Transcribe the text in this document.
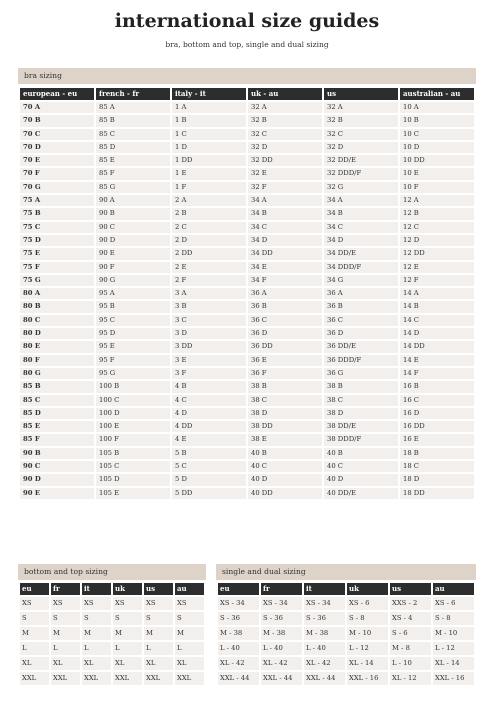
international size guides
bra, bottom and top, single and dual sizing
bra sizing
european - eu	french - fr	italy - it	uk - au	us	australian - au
70 A	85 A	1 A	32 A	32 A	10 A
70 B	85 B	1 B	32 B	32 B	10 B
70 C	85 C	1 C	32 C	32 C	10 C
70 D	85 D	1 D	32 D	32 D	10 D
70 E	85 E	1 DD	32 DD	32 DD/E	10 DD
70 F	85 F	1 E	32 E	32 DDD/F	10 E
70 G	85 G	1 F	32 F	32 G	10 F
75 A	90 A	2 A	34 A	34 A	12 A
75 B	90 B	2 B	34 B	34 B	12 B
75 C	90 C	2 C	34 C	34 C	12 C
75 D	90 D	2 D	34 D	34 D	12 D
75 E	90 E	2 DD	34 DD	34 DD/E	12 DD
75 F	90 F	2 E	34 E	34 DDD/F	12 E
75 G	90 G	2 F	34 F	34 G	12 F
80 A	95 A	3 A	36 A	36 A	14 A
80 B	95 B	3 B	36 B	36 B	14 B
80 C	95 C	3 C	36 C	36 C	14 C
80 D	95 D	3 D	36 D	36 D	14 D
80 E	95 E	3 DD	36 DD	36 DD/E	14 DD
80 F	95 F	3 E	36 E	36 DDD/F	14 E
80 G	95 G	3 F	36 F	36 G	14 F
85 B	100 B	4 B	38 B	38 B	16 B
85 C	100 C	4 C	38 C	38 C	16 C
85 D	100 D	4 D	38 D	38 D	16 D
85 E	100 E	4 DD	38 DD	38 DD/E	16 DD
85 F	100 F	4 E	38 E	38 DDD/F	16 E
90 B	105 B	5 B	40 B	40 B	18 B
90 C	105 C	5 C	40 C	40 C	18 C
90 D	105 D	5 D	40 D	40 D	18 D
90 E	105 E	5 DD	40 DD	40 DD/E	18 DD
bottom and top sizing
eu	fr	it	uk	us	au
XS	XS	XS	XS	XS	XS
S	S	S	S	S	S
M	M	M	M	M	M
L	L	L	L	L	L
XL	XL	XL	XL	XL	XL
XXL	XXL	XXL	XXL	XXL	XXL
single and dual sizing
eu	fr	it	uk	us	au
XS - 34	XS - 34	XS - 34	XS - 6	XXS - 2	XS - 6
S - 36	S - 36	S - 36	S - 8	XS - 4	S - 8
M - 38	M - 38	M - 38	M - 10	S - 6	M - 10
L - 40	L - 40	L - 40	L - 12	M - 8	L - 12
XL - 42	XL - 42	XL - 42	XL - 14	L - 10	XL - 14
XXL - 44	XXL - 44	XXL - 44	XXL - 16	XL - 12	XXL - 16
